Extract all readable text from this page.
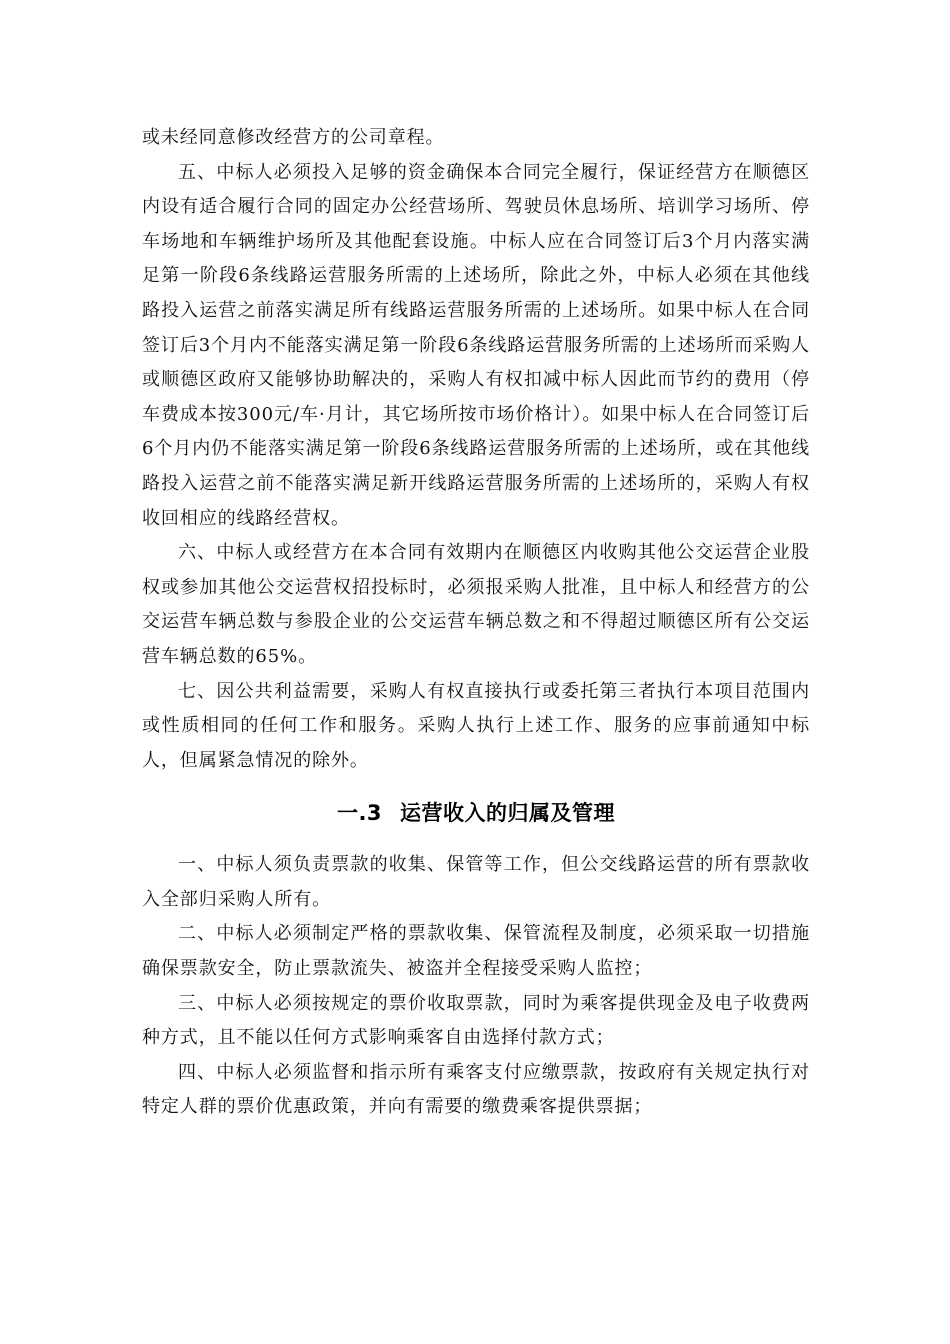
或未经同意修改经营方的公司章程。

五、中标人必须投入足够的资金确保本合同完全履行，保证经营方在顺德区内设有适合履行合同的固定办公经营场所、驾驶员休息场所、培训学习场所、停车场地和车辆维护场所及其他配套设施。中标人应在合同签订后3个月内落实满足第一阶段6条线路运营服务所需的上述场所，除此之外，中标人必须在其他线路投入运营之前落实满足所有线路运营服务所需的上述场所。如果中标人在合同签订后3个月内不能落实满足第一阶段6条线路运营服务所需的上述场所而采购人或顺德区政府又能够协助解决的，采购人有权扣减中标人因此而节约的费用（停车费成本按300元/车·月计，其它场所按市场价格计）。如果中标人在合同签订后6个月内仍不能落实满足第一阶段6条线路运营服务所需的上述场所，或在其他线路投入运营之前不能落实满足新开线路运营服务所需的上述场所的，采购人有权收回相应的线路经营权。

六、中标人或经营方在本合同有效期内在顺德区内收购其他公交运营企业股权或参加其他公交运营权招投标时，必须报采购人批准，且中标人和经营方的公交运营车辆总数与参股企业的公交运营车辆总数之和不得超过顺德区所有公交运营车辆总数的65%。

七、因公共利益需要，采购人有权直接执行或委托第三者执行本项目范围内或性质相同的任何工作和服务。采购人执行上述工作、服务的应事前通知中标人，但属紧急情况的除外。

一.3 运营收入的归属及管理

一、中标人须负责票款的收集、保管等工作，但公交线路运营的所有票款收入全部归采购人所有。

二、中标人必须制定严格的票款收集、保管流程及制度，必须采取一切措施确保票款安全，防止票款流失、被盗并全程接受采购人监控；

三、中标人必须按规定的票价收取票款，同时为乘客提供现金及电子收费两种方式，且不能以任何方式影响乘客自由选择付款方式；

四、中标人必须监督和指示所有乘客支付应缴票款，按政府有关规定执行对特定人群的票价优惠政策，并向有需要的缴费乘客提供票据；
